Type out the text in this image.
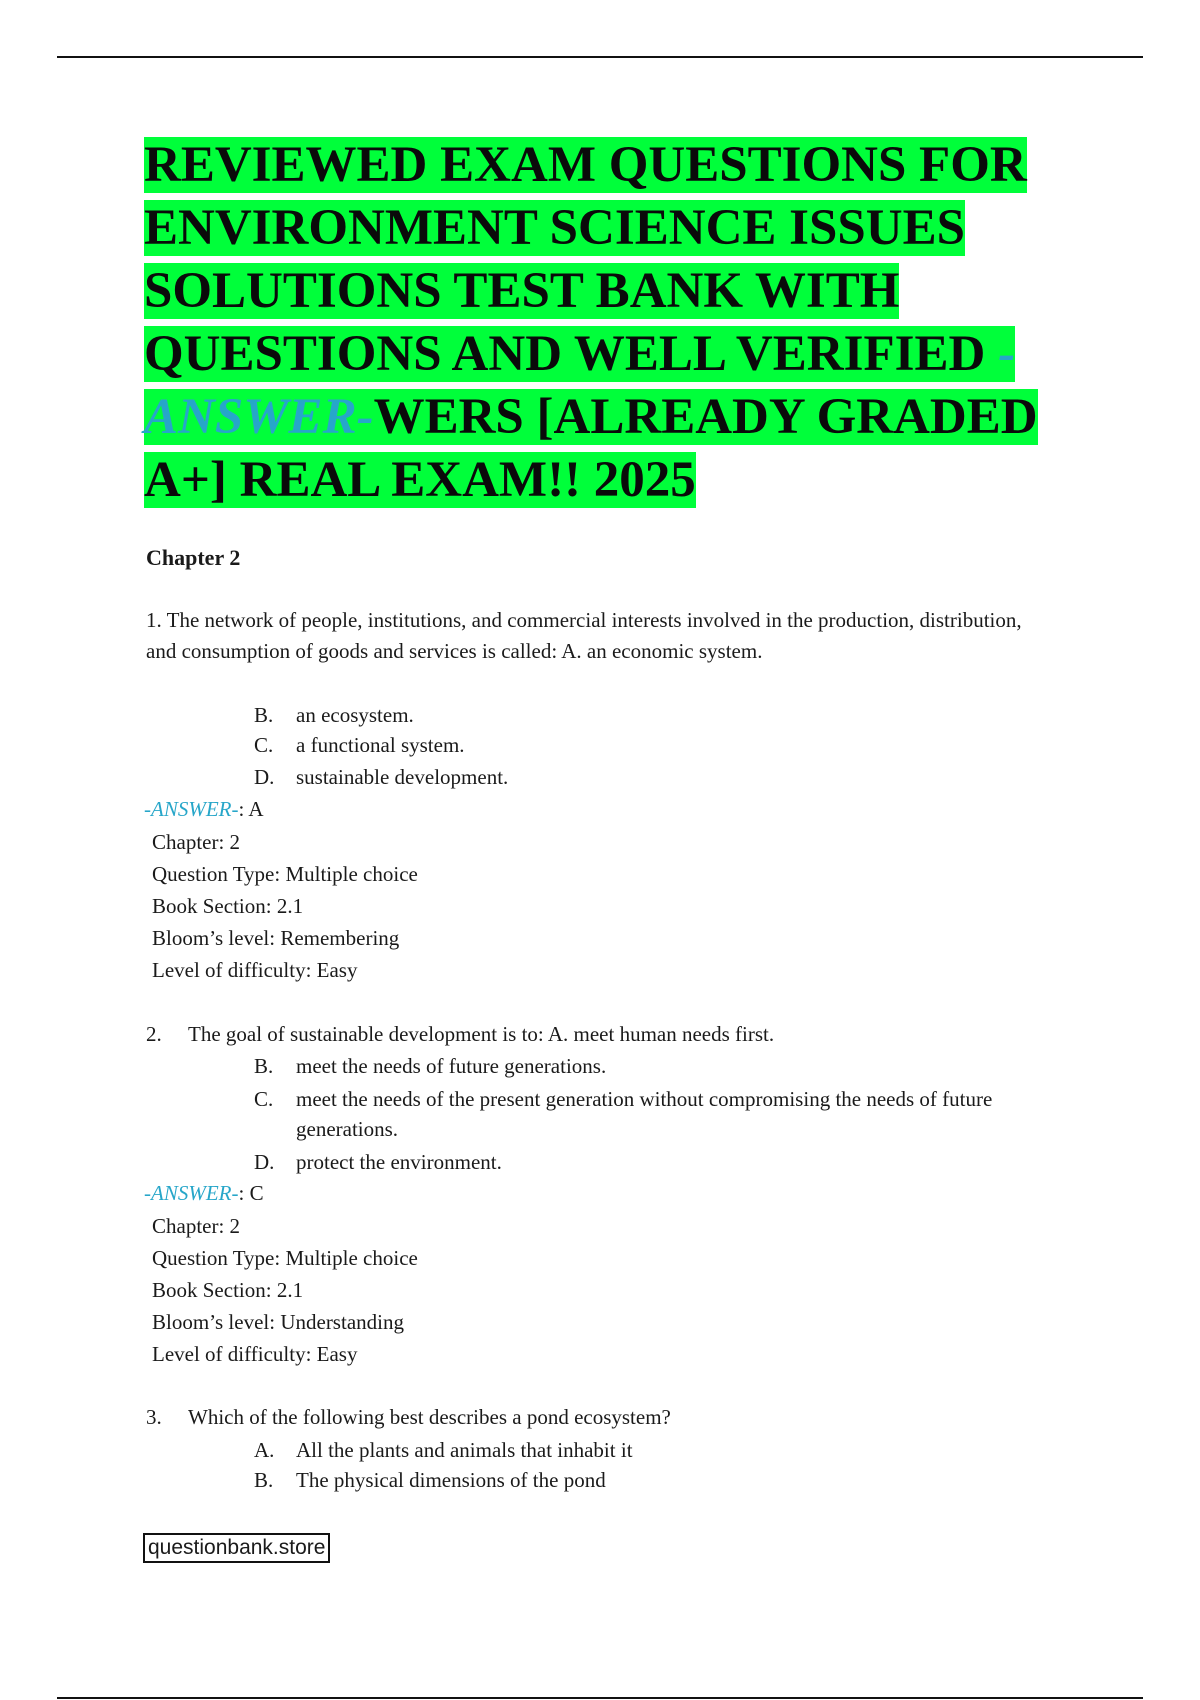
REVIEWED EXAM QUESTIONS FOR ENVIRONMENT SCIENCE ISSUES SOLUTIONS TEST BANK WITH QUESTIONS AND WELL VERIFIED -ANSWER-WERS [ALREADY GRADED A+] REAL EXAM!! 2025
Chapter 2

1. The network of people, institutions, and commercial interests involved in the production, distribution, and consumption of goods and services is called: A. an economic system.

B. an ecosystem.
C. a functional system.
D. sustainable development.
-ANSWER-: A
Chapter: 2
Question Type: Multiple choice
Book Section: 2.1
Bloom’s level: Remembering
Level of difficulty: Easy

2. The goal of sustainable development is to: A. meet human needs first.

B. meet the needs of future generations.
C. meet the needs of the present generation without compromising the needs of future generations.
D. protect the environment.
-ANSWER-: C
Chapter: 2
Question Type: Multiple choice
Book Section: 2.1
Bloom’s level: Understanding
Level of difficulty: Easy

3. Which of the following best describes a pond ecosystem?

A. All the plants and animals that inhabit it
B. The physical dimensions of the pond
questionbank.store
